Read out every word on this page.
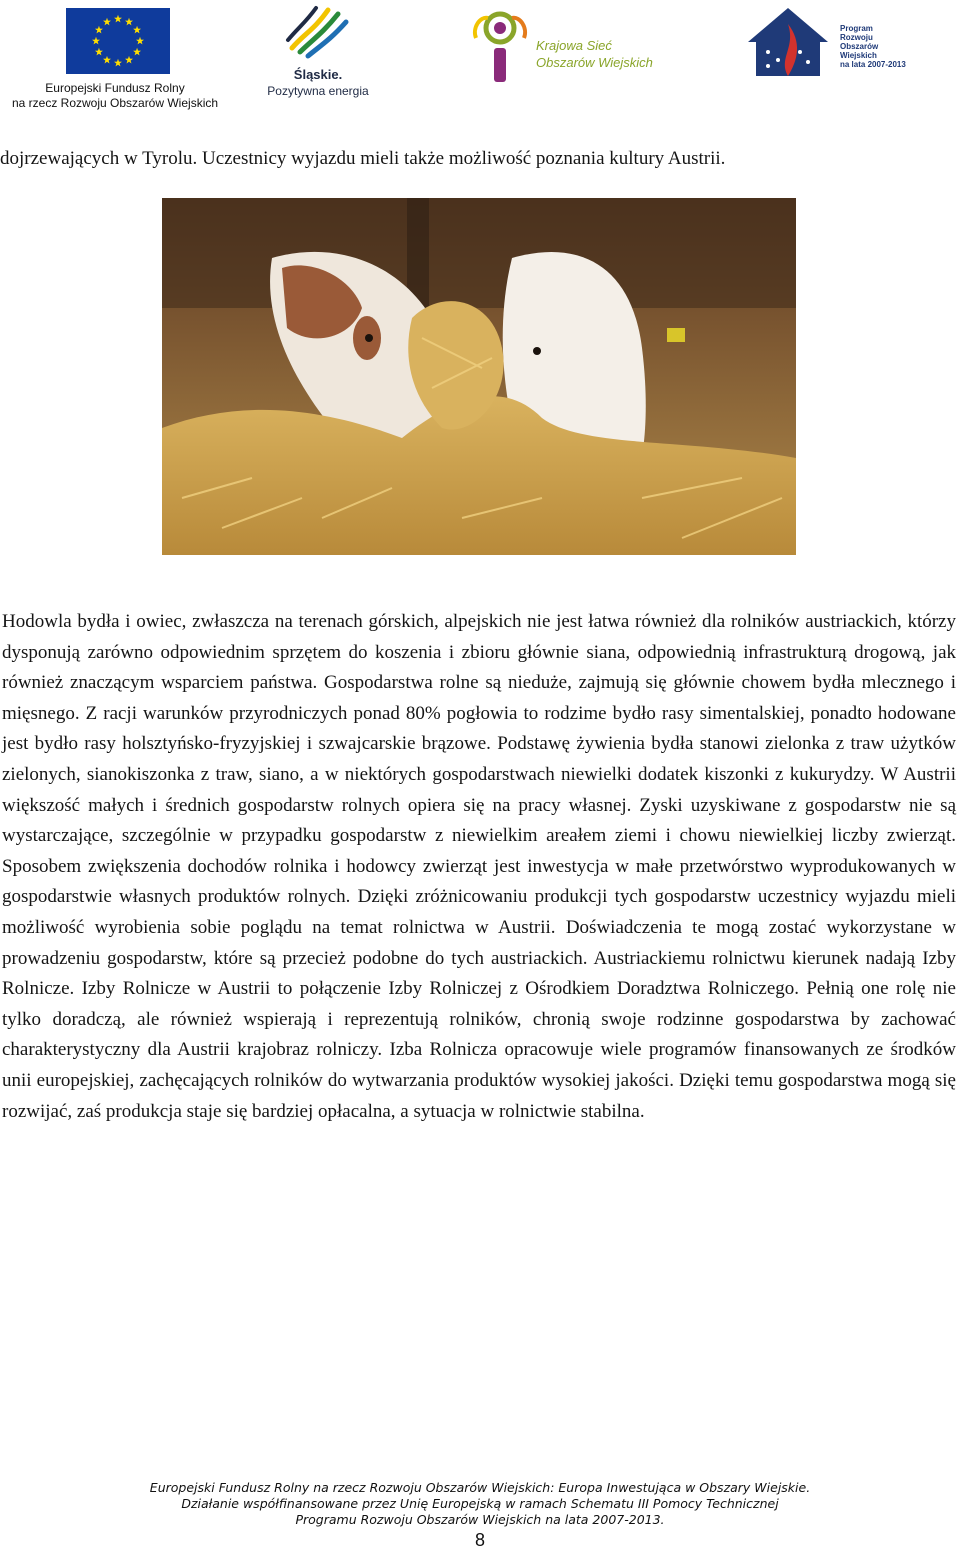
Europejski Fundusz Rolny
na rzecz Rozwoju Obszarów Wiejskich
Śląskie.
Pozytywna energia
Krajowa Sieć
Obszarów Wiejskich
Program
Rozwoju
Obszarów
Wiejskich
na lata 2007-2013
dojrzewających w Tyrolu. Uczestnicy wyjazdu mieli także możliwość poznania kultury Austrii.

Hodowla bydła i owiec, zwłaszcza na terenach górskich, alpejskich nie jest łatwa również dla rolników austriackich, którzy dysponują zarówno odpowiednim sprzętem do koszenia i zbioru głównie siana, odpowiednią infrastrukturą drogową, jak również znaczącym wsparciem państwa. Gospodarstwa rolne są nieduże, zajmują się głównie chowem bydła mlecznego i mięsnego. Z racji warunków przyrodniczych ponad 80% pogłowia to rodzime bydło rasy simentalskiej, ponadto hodowane jest bydło rasy holsztyńsko-fryzyjskiej i szwajcarskie brązowe. Podstawę żywienia bydła stanowi zielonka z traw użytków zielonych, sianokiszonka z traw, siano, a w niektórych gospodarstwach niewielki dodatek kiszonki z kukurydzy. W Austrii większość małych i średnich gospodarstw rolnych opiera się na pracy własnej. Zyski uzyskiwane z gospodarstw nie są wystarczające, szczególnie w przypadku gospodarstw z niewielkim areałem ziemi i chowu niewielkiej liczby zwierząt. Sposobem zwiększenia dochodów rolnika i hodowcy zwierząt jest inwestycja w małe przetwórstwo wyprodukowanych w gospodarstwie własnych produktów rolnych. Dzięki zróżnicowaniu produkcji tych gospodarstw uczestnicy wyjazdu mieli możliwość wyrobienia sobie poglądu na temat rolnictwa w Austrii. Doświadczenia te mogą zostać wykorzystane w prowadzeniu gospodarstw, które są przecież podobne do tych austriackich. Austriackiemu rolnictwu kierunek nadają Izby Rolnicze. Izby Rolnicze w Austrii to połączenie Izby Rolniczej z Ośrodkiem Doradztwa Rolniczego. Pełnią one rolę nie tylko doradczą, ale również wspierają i reprezentują rolników, chronią swoje rodzinne gospodarstwa by zachować charakterystyczny dla Austrii krajobraz rolniczy. Izba Rolnicza opracowuje wiele programów finansowanych ze środków unii europejskiej, zachęcających rolników do wytwarzania produktów wysokiej jakości. Dzięki temu gospodarstwa mogą się rozwijać, zaś produkcja staje się bardziej opłacalna, a sytuacja w rolnictwie stabilna.

Europejski Fundusz Rolny na rzecz Rozwoju Obszarów Wiejskich: Europa Inwestująca w Obszary Wiejskie.
Działanie współfinansowane przez Unię Europejską w ramach Schematu III Pomocy Technicznej
Programu Rozwoju Obszarów Wiejskich na lata 2007-2013.
8
